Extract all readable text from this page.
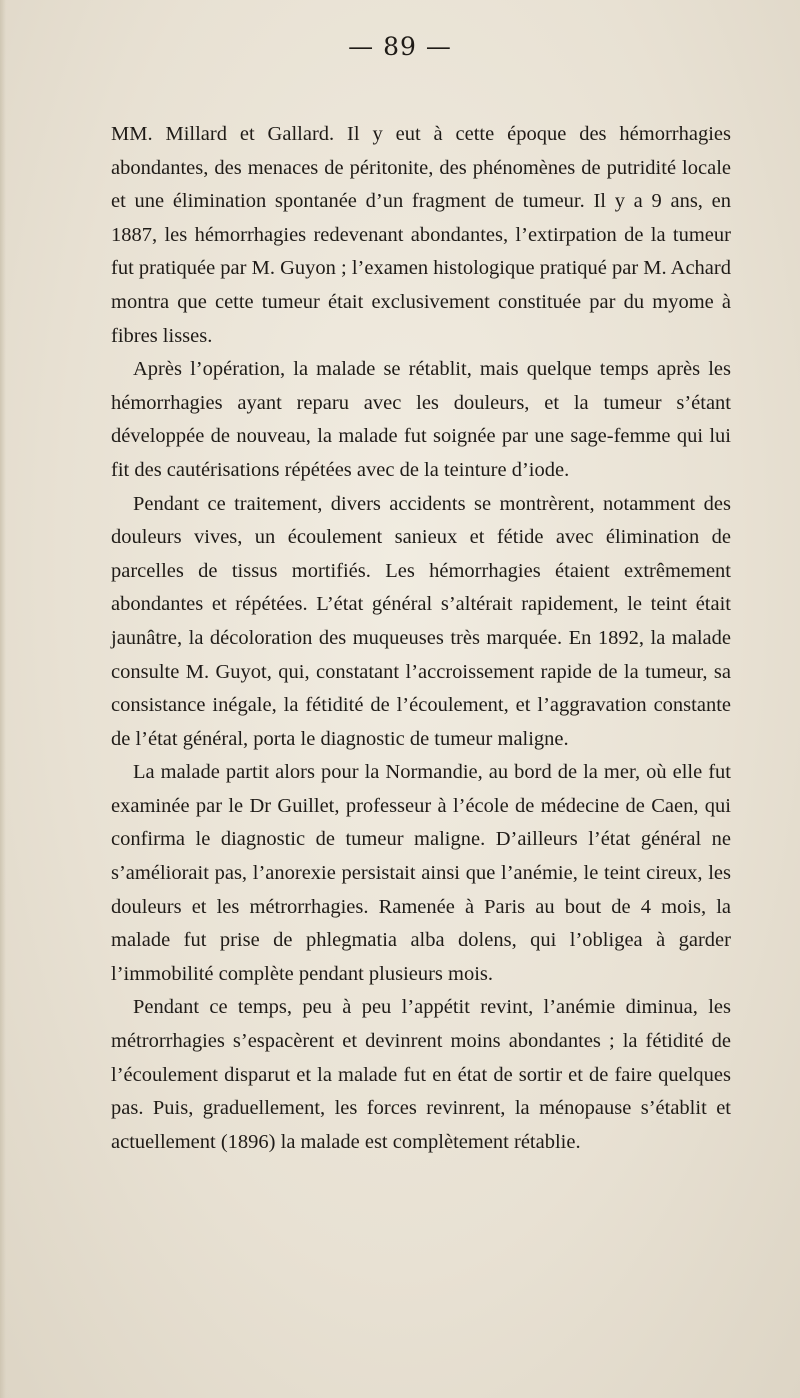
— 89 —

MM. Millard et Gallard. Il y eut à cette époque des hémorrhagies abondantes, des menaces de péritonite, des phénomènes de putridité locale et une élimination spontanée d’un fragment de tumeur. Il y a 9 ans, en 1887, les hémorrhagies redevenant abondantes, l’extirpation de la tumeur fut pratiquée par M. Guyon ; l’examen histologique pratiqué par M. Achard montra que cette tumeur était exclusivement constituée par du myome à fibres lisses.

Après l’opération, la malade se rétablit, mais quelque temps après les hémorrhagies ayant reparu avec les douleurs, et la tumeur s’étant développée de nouveau, la malade fut soignée par une sage-femme qui lui fit des cautérisations répétées avec de la teinture d’iode.

Pendant ce traitement, divers accidents se montrèrent, notamment des douleurs vives, un écoulement sanieux et fétide avec élimination de parcelles de tissus mortifiés. Les hémorrhagies étaient extrêmement abondantes et répétées. L’état général s’altérait rapidement, le teint était jaunâtre, la décoloration des muqueuses très marquée. En 1892, la malade consulte M. Guyot, qui, constatant l’accroissement rapide de la tumeur, sa consistance inégale, la fétidité de l’écoulement, et l’aggravation constante de l’état général, porta le diagnostic de tumeur maligne.

La malade partit alors pour la Normandie, au bord de la mer, où elle fut examinée par le Dr Guillet, professeur à l’école de médecine de Caen, qui confirma le diagnostic de tumeur maligne. D’ailleurs l’état général ne s’améliorait pas, l’anorexie persistait ainsi que l’anémie, le teint cireux, les douleurs et les métrorrhagies. Ramenée à Paris au bout de 4 mois, la malade fut prise de phlegmatia alba dolens, qui l’obligea à garder l’immobilité complète pendant plusieurs mois.

Pendant ce temps, peu à peu l’appétit revint, l’anémie diminua, les métrorrhagies s’espacèrent et devinrent moins abondantes ; la fétidité de l’écoulement disparut et la malade fut en état de sortir et de faire quelques pas. Puis, graduellement, les forces revinrent, la ménopause s’établit et actuellement (1896) la malade est complètement rétablie.
